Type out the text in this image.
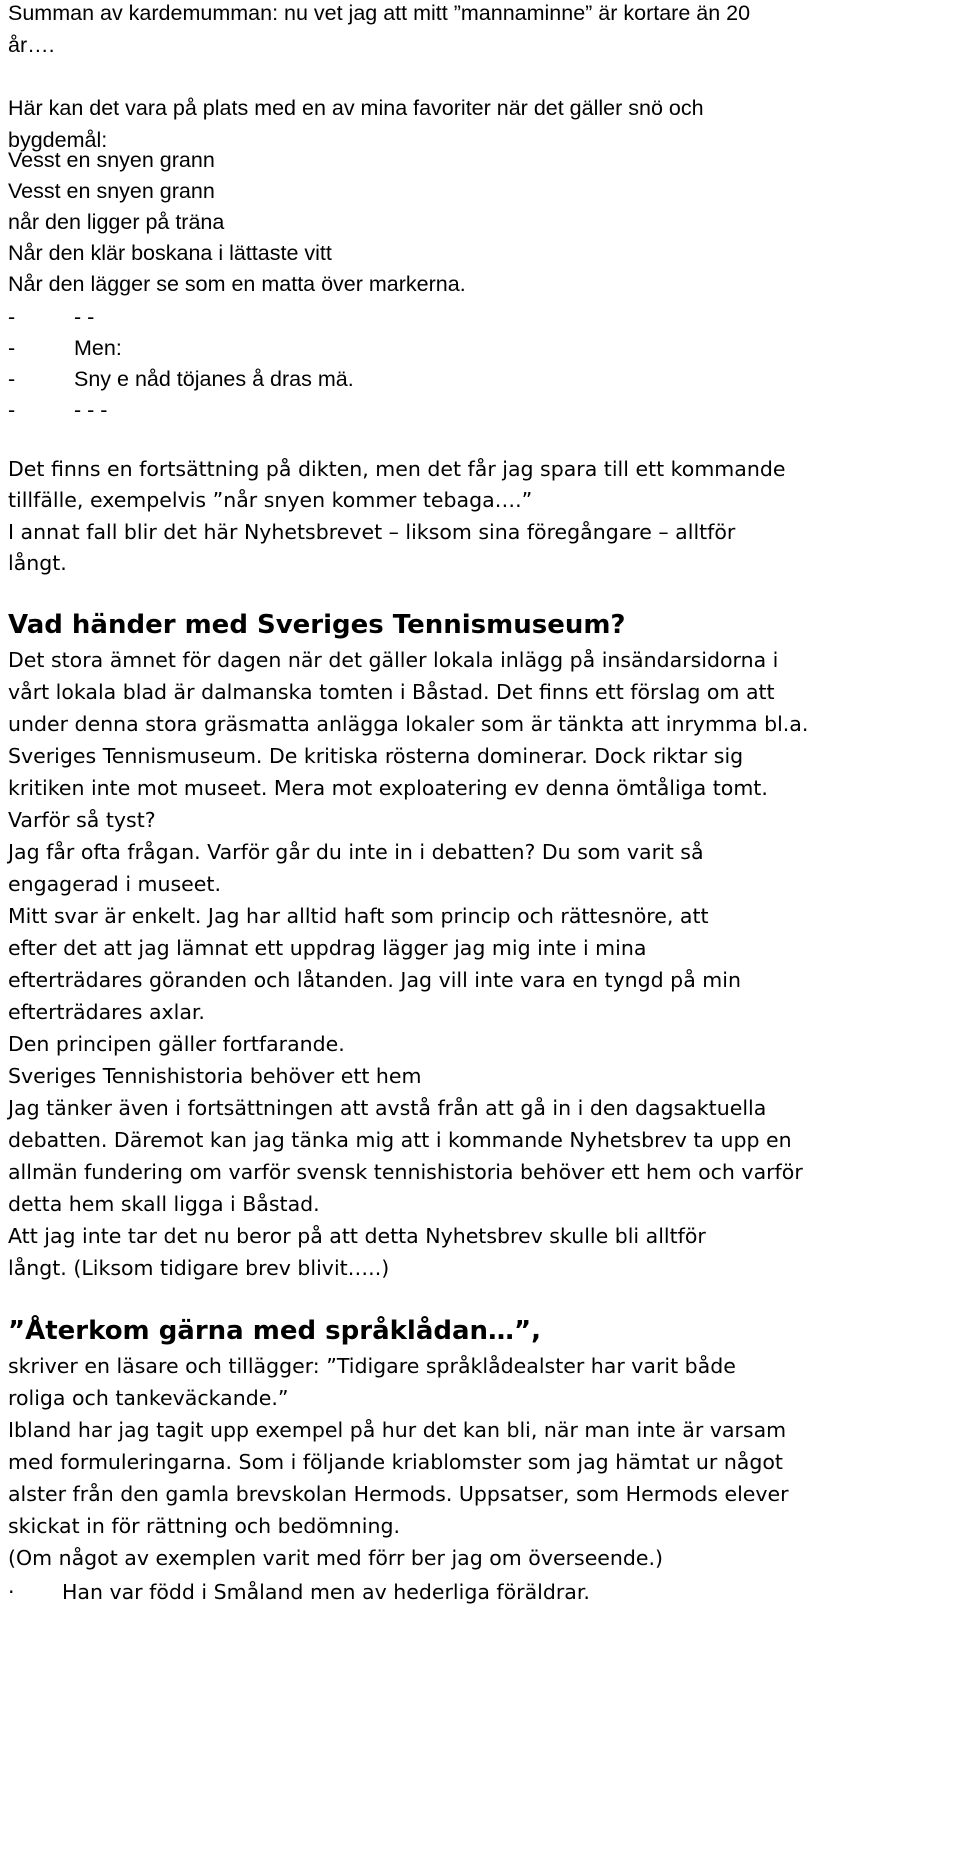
Summan av kardemumman: nu vet jag att mitt ”mannaminne” är kortare än 20
år….
Här kan det vara på plats med en av mina favoriter när det gäller snö och
bygdemål:
Vesst en snyen grann
Vesst en snyen grann
når den ligger på träna
Når den klär boskana i lättaste vitt
Når den lägger se som en matta över markerna.
-	- -
-	Men:
-	Sny e nåd töjanes å dras mä.
-	- - -
Det finns en fortsättning på dikten, men det får jag spara till ett kommande
tillfälle, exempelvis ”når snyen kommer tebaga….”
I annat fall blir det här Nyhetsbrevet – liksom sina föregångare – alltför
långt.
Vad händer med Sveriges Tennismuseum?
Det stora ämnet för dagen när det gäller lokala inlägg på insändarsidorna i
vårt lokala blad är dalmanska tomten i Båstad. Det finns ett förslag om att
under denna stora gräsmatta anlägga lokaler som är tänkta att inrymma bl.a.
Sveriges Tennismuseum. De kritiska rösterna dominerar. Dock riktar sig
kritiken inte mot museet. Mera mot exploatering ev denna ömtåliga tomt.
Varför så tyst?
Jag får ofta frågan. Varför går du inte in i debatten? Du som varit så
engagerad i museet.
Mitt svar är enkelt. Jag har alltid haft som princip och rättesnöre, att
efter det att jag lämnat ett uppdrag lägger jag mig inte i mina
efterträdares göranden och låtanden. Jag vill inte vara en tyngd på min
efterträdares axlar.
Den principen gäller fortfarande.
Sveriges Tennishistoria behöver ett hem
Jag tänker även i fortsättningen att avstå från att gå in i den dagsaktuella
debatten. Däremot kan jag tänka mig att i kommande Nyhetsbrev ta upp en
allmän fundering om varför svensk tennishistoria behöver ett hem och varför
detta hem skall ligga i Båstad.
Att jag inte tar det nu beror på att detta Nyhetsbrev skulle bli alltför
långt. (Liksom tidigare brev blivit…..)
”Återkom gärna med språklådan…”,
skriver en läsare och tillägger: ”Tidigare språklådealster har varit både
roliga och tankeväckande.”
Ibland har jag tagit upp exempel på hur det kan bli, när man inte är varsam
med formuleringarna. Som i följande kriablomster som jag hämtat ur något
alster från den gamla brevskolan Hermods. Uppsatser, som Hermods elever
skickat in för rättning och bedömning.
(Om något av exemplen varit med förr ber jag om överseende.)
· Han var född i Småland men av hederliga föräldrar.
